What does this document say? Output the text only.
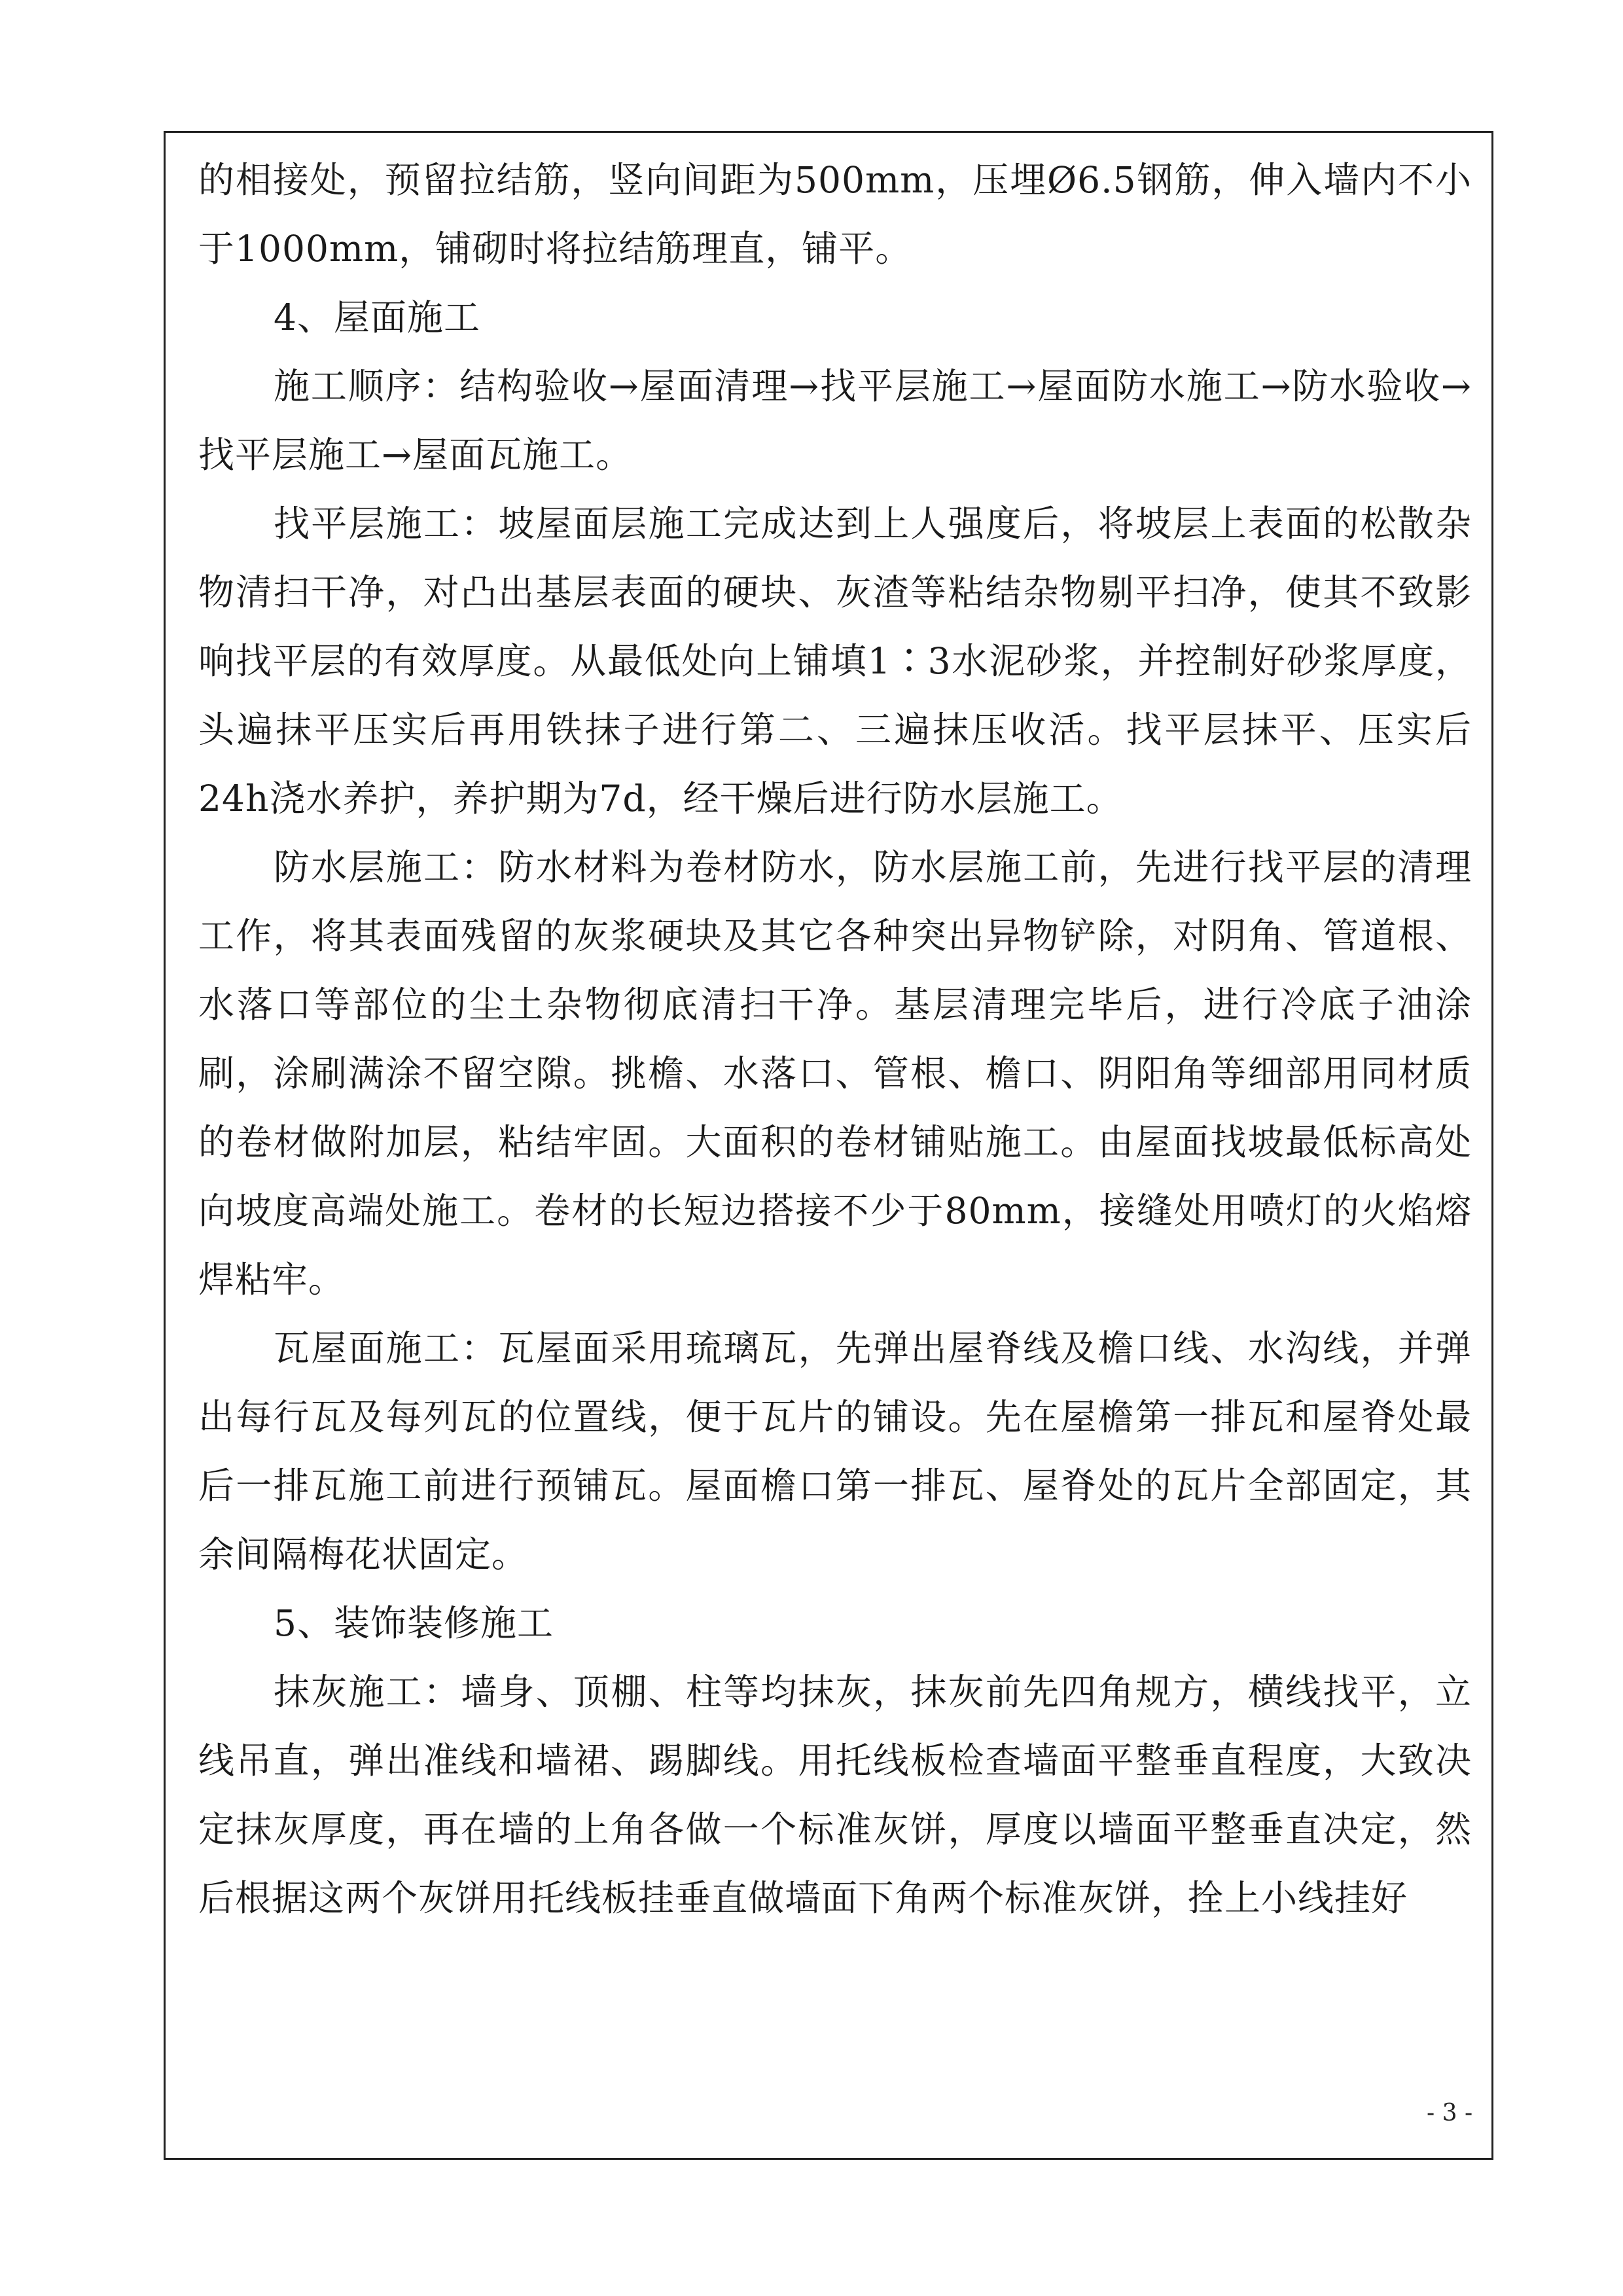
的相接处，预留拉结筋，竖向间距为500mm，压埋Ø6.5钢筋，伸入墙内不小于1000mm，铺砌时将拉结筋理直，铺平。

4、屋面施工

施工顺序：结构验收→屋面清理→找平层施工→屋面防水施工→防水验收→找平层施工→屋面瓦施工。

找平层施工：坡屋面层施工完成达到上人强度后，将坡层上表面的松散杂物清扫干净，对凸出基层表面的硬块、灰渣等粘结杂物剔平扫净，使其不致影响找平层的有效厚度。从最低处向上铺填1∶3水泥砂浆，并控制好砂浆厚度，头遍抹平压实后再用铁抹子进行第二、三遍抹压收活。找平层抹平、压实后24h浇水养护，养护期为7d，经干燥后进行防水层施工。

防水层施工：防水材料为卷材防水，防水层施工前，先进行找平层的清理工作，将其表面残留的灰浆硬块及其它各种突出异物铲除，对阴角、管道根、水落口等部位的尘土杂物彻底清扫干净。基层清理完毕后，进行冷底子油涂刷，涂刷满涂不留空隙。挑檐、水落口、管根、檐口、阴阳角等细部用同材质的卷材做附加层，粘结牢固。大面积的卷材铺贴施工。由屋面找坡最低标高处向坡度高端处施工。卷材的长短边搭接不少于80mm，接缝处用喷灯的火焰熔焊粘牢。

瓦屋面施工：瓦屋面采用琉璃瓦，先弹出屋脊线及檐口线、水沟线，并弹出每行瓦及每列瓦的位置线，便于瓦片的铺设。先在屋檐第一排瓦和屋脊处最后一排瓦施工前进行预铺瓦。屋面檐口第一排瓦、屋脊处的瓦片全部固定，其余间隔梅花状固定。

5、装饰装修施工

抹灰施工：墙身、顶棚、柱等均抹灰，抹灰前先四角规方，横线找平，立线吊直，弹出准线和墙裙、踢脚线。用托线板检查墙面平整垂直程度，大致决定抹灰厚度，再在墙的上角各做一个标准灰饼，厚度以墙面平整垂直决定，然后根据这两个灰饼用托线板挂垂直做墙面下角两个标准灰饼，拴上小线挂好

- 3 -
